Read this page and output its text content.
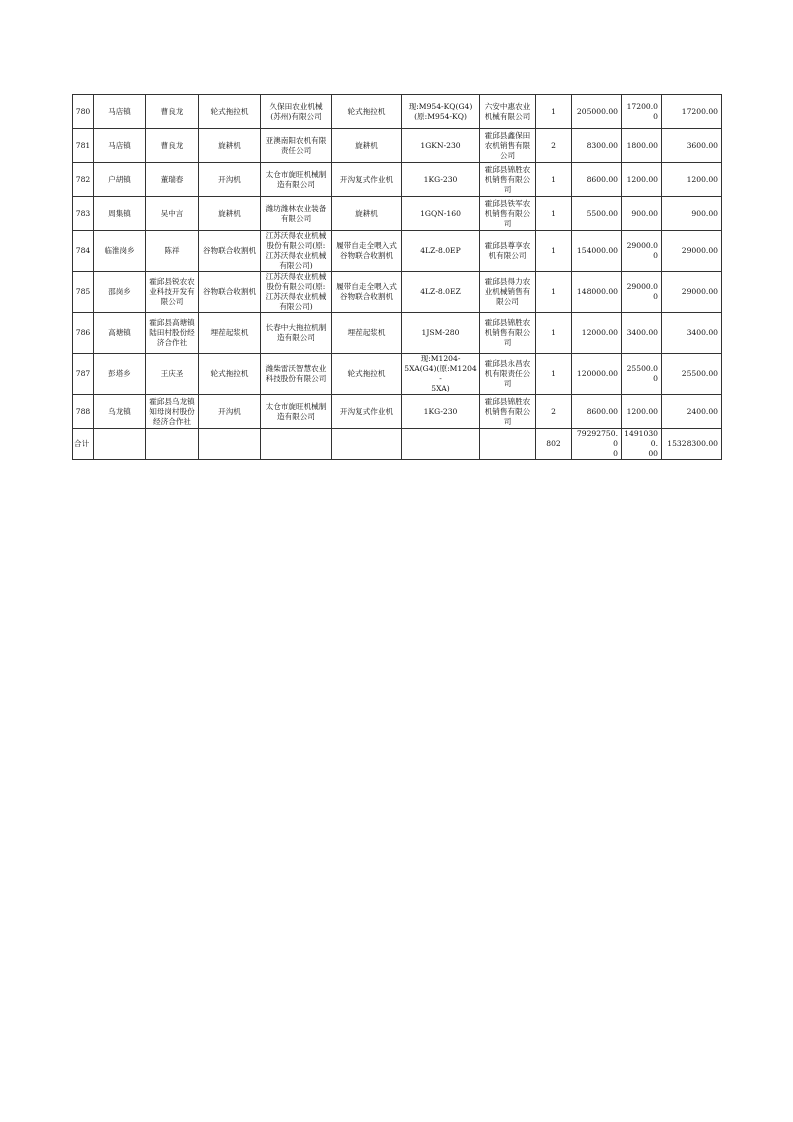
780	马店镇	曹良龙	轮式拖拉机	久保田农业机械
(苏州)有限公司	轮式拖拉机	现:M954-KQ(G4)
(原:M954-KQ)	六安中惠农业
机械有限公司	1	205000.00	17200.00	17200.00
781	马店镇	曹良龙	旋耕机	亚澳南阳农机有限
责任公司	旋耕机	1GKN-230	霍邱县鑫保田
农机销售有限
公司	2	8300.00	1800.00	3600.00
782	户胡镇	董瑞春	开沟机	太仓市旋旺机械制
造有限公司	开沟复式作业机	1KG-230	霍邱县锦胜农
机销售有限公
司	1	8600.00	1200.00	1200.00
783	周集镇	吴中言	旋耕机	潍坊潍林农业装备
有限公司	旋耕机	1GQN-160	霍邱县铁军农
机销售有限公
司	1	5500.00	900.00	900.00
784	临淮岗乡	陈祥	谷物联合收割机	江苏沃得农业机械
股份有限公司(原:
江苏沃得农业机械
有限公司)	履带自走全喂入式
谷物联合收割机	4LZ-8.0EP	霍邱县尊享农
机有限公司	1	154000.00	29000.00	29000.00
785	邵岗乡	霍邱县锐农农
业科技开发有
限公司	谷物联合收割机	江苏沃得农业机械
股份有限公司(原:
江苏沃得农业机械
有限公司)	履带自走全喂入式
谷物联合收割机	4LZ-8.0EZ	霍邱县得力农
业机械销售有
限公司	1	148000.00	29000.00	29000.00
786	高塘镇	霍邱县高塘镇
陆田村股份经
济合作社	埋茬起浆机	长春中大拖拉机制
造有限公司	埋茬起浆机	1JSM-280	霍邱县锦胜农
机销售有限公
司	1	12000.00	3400.00	3400.00
787	彭塔乡	王庆圣	轮式拖拉机	潍柴雷沃智慧农业
科技股份有限公司	轮式拖拉机	现:M1204-
5XA(G4)(原:M1204-
5XA)	霍邱县永昌农
机有限责任公
司	1	120000.00	25500.00	25500.00
788	乌龙镇	霍邱县乌龙镇
知母岗村股份
经济合作社	开沟机	太仓市旋旺机械制
造有限公司	开沟复式作业机	1KG-230	霍邱县锦胜农
机销售有限公
司	2	8600.00	1200.00	2400.00
合计								802	79292750.0
0	14910300.
00	15328300.00
